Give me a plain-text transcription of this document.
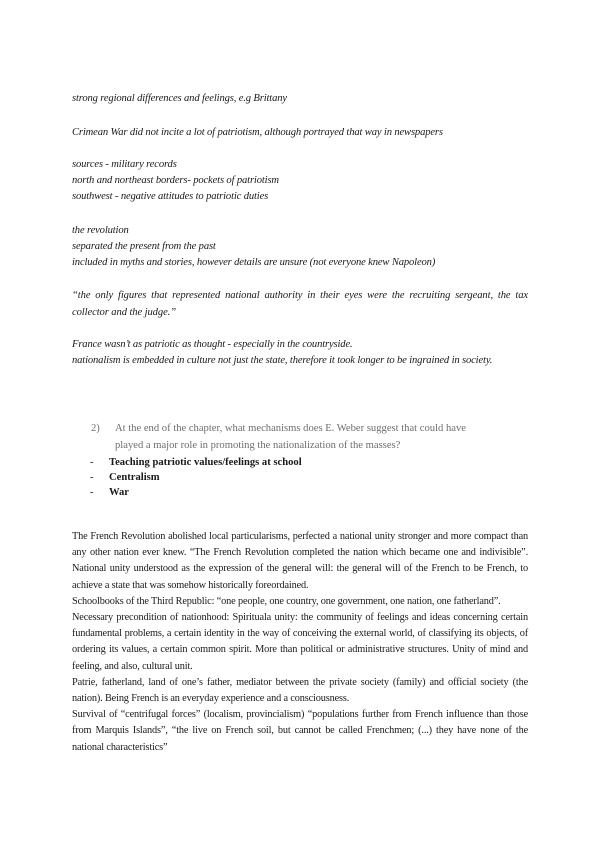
strong regional differences and feelings, e.g Brittany
Crimean War did not incite a lot of patriotism, although portrayed that way in newspapers
sources - military records
north and northeast borders- pockets of patriotism
southwest - negative attitudes to patriotic duties
the revolution
separated the present from the past
included in myths and stories, however details are unsure (not everyone knew Napoleon)
“the only figures that represented national authority in their eyes were the recruiting sergeant, the tax collector and the judge.”
France wasn’t as patriotic as thought - especially in the countryside.
nationalism is embedded in culture not just the state, therefore it took longer to be ingrained in society.
2)	At the end of the chapter, what mechanisms does E. Weber suggest that could have
played a major role in promoting the nationalization of the masses?
- Teaching patriotic values/feelings at school
- Centralism
- War

The French Revolution abolished local particularisms, perfected a national unity stronger and more compact than any other nation ever knew. “The French Revolution completed the nation which became one and indivisible”. National unity understood as the expression of the general will: the general will of the French to be French, to achieve a state that was somehow historically foreordained.

Schoolbooks of the Third Republic: “one people, one country, one government, one nation, one fatherland”.

Necessary precondition of nationhood: Spirituala unity: the community of feelings and ideas concerning certain fundamental problems, a certain identity in the way of conceiving the external world, of classifying its objects, of ordering its values, a certain common spirit. More than political or administrative structures. Unity of mind and feeling, and also, cultural unit.

Patrie, fatherland, land of one’s father, mediator between the private society (family) and official society (the nation). Being French is an everyday experience and a consciousness.

Survival of “centrifugal forces” (localism, provincialism) “populations further from French influence than those from Marquis Islands”, “the live on French soil, but cannot be called Frenchmen; (...) they have none of the national characteristics”
